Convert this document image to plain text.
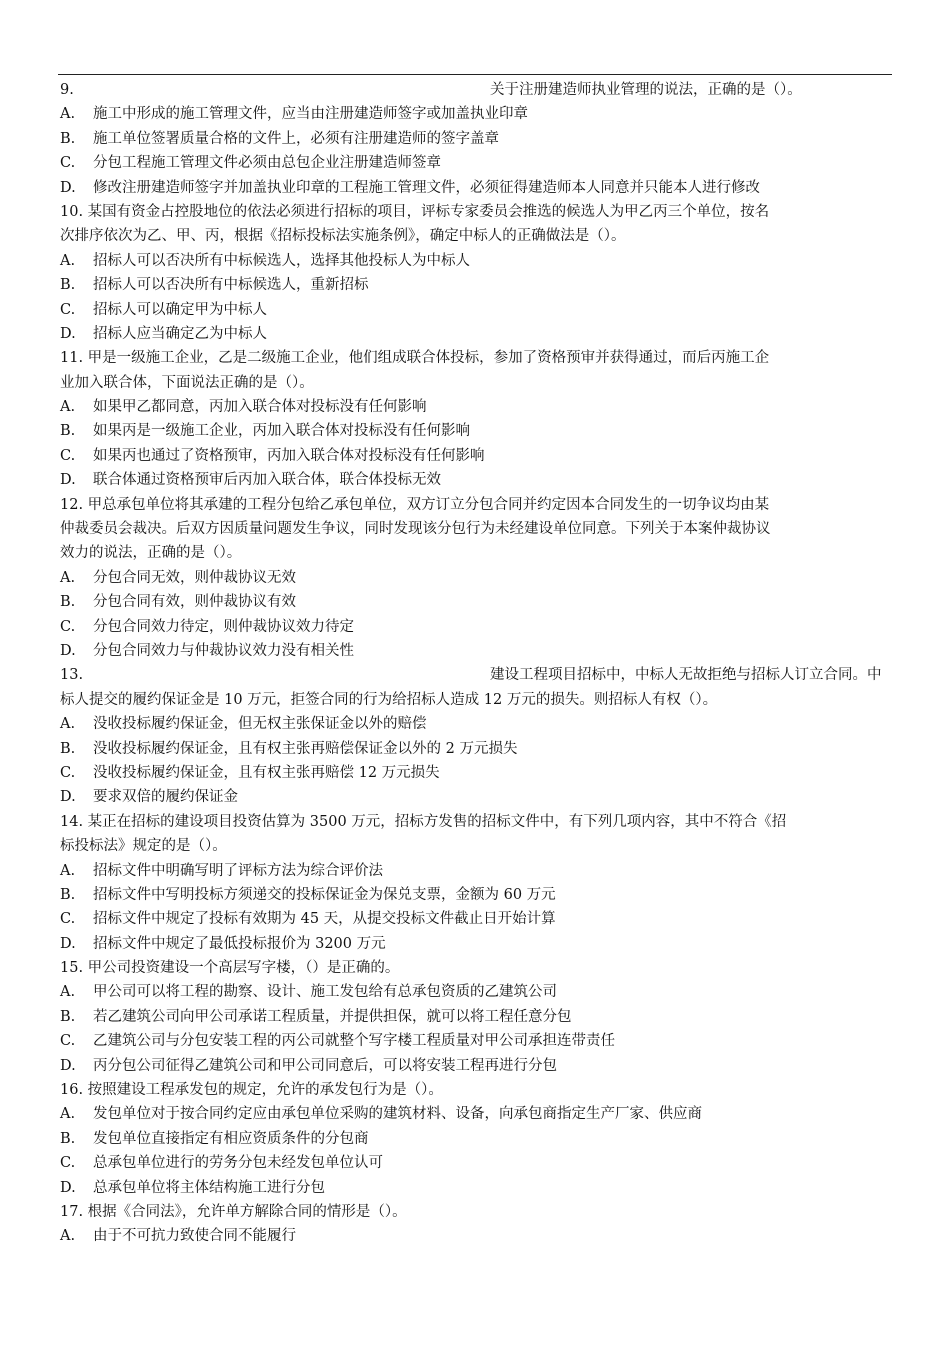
9.	关于注册建造师执业管理的说法，正确的是（）。
A.	施工中形成的施工管理文件，应当由注册建造师签字或加盖执业印章
B.	施工单位签署质量合格的文件上，必须有注册建造师的签字盖章
C.	分包工程施工管理文件必须由总包企业注册建造师签章
D.	修改注册建造师签字并加盖执业印章的工程施工管理文件，必须征得建造师本人同意并只能本人进行修改
10. 某国有资金占控股地位的依法必须进行招标的项目，评标专家委员会推选的候选人为甲乙丙三个单位，按名
次排序依次为乙、甲、丙，根据《招标投标法实施条例》，确定中标人的正确做法是（）。
A.	招标人可以否决所有中标候选人，选择其他投标人为中标人
B.	招标人可以否决所有中标候选人，重新招标
C.	招标人可以确定甲为中标人
D.	招标人应当确定乙为中标人
11. 甲是一级施工企业，乙是二级施工企业，他们组成联合体投标，参加了资格预审并获得通过，而后丙施工企
业加入联合体，下面说法正确的是（）。
A.	如果甲乙都同意，丙加入联合体对投标没有任何影响
B.	如果丙是一级施工企业，丙加入联合体对投标没有任何影响
C.	如果丙也通过了资格预审，丙加入联合体对投标没有任何影响
D.	联合体通过资格预审后丙加入联合体，联合体投标无效
12. 甲总承包单位将其承建的工程分包给乙承包单位，双方订立分包合同并约定因本合同发生的一切争议均由某
仲裁委员会裁决。后双方因质量问题发生争议，同时发现该分包行为未经建设单位同意。下列关于本案仲裁协议
效力的说法，正确的是（）。
A.	分包合同无效，则仲裁协议无效
B.	分包合同有效，则仲裁协议有效
C.	分包合同效力待定，则仲裁协议效力待定
D.	分包合同效力与仲裁协议效力没有相关性
13.	建设工程项目招标中，中标人无故拒绝与招标人订立合同。中
标人提交的履约保证金是 10 万元，拒签合同的行为给招标人造成 12 万元的损失。则招标人有权（）。
A.	没收投标履约保证金，但无权主张保证金以外的赔偿
B.	没收投标履约保证金，且有权主张再赔偿保证金以外的 2 万元损失
C.	没收投标履约保证金，且有权主张再赔偿 12 万元损失
D.	要求双倍的履约保证金
14. 某正在招标的建设项目投资估算为 3500 万元，招标方发售的招标文件中，有下列几项内容，其中不符合《招
标投标法》规定的是（）。
A.	招标文件中明确写明了评标方法为综合评价法
B.	招标文件中写明投标方须递交的投标保证金为保兑支票，金额为 60 万元
C.	招标文件中规定了投标有效期为 45 天，从提交投标文件截止日开始计算
D.	招标文件中规定了最低投标报价为 3200 万元
15. 甲公司投资建设一个高层写字楼，（）是正确的。
A.	甲公司可以将工程的勘察、设计、施工发包给有总承包资质的乙建筑公司
B.	若乙建筑公司向甲公司承诺工程质量，并提供担保，就可以将工程任意分包
C.	乙建筑公司与分包安装工程的丙公司就整个写字楼工程质量对甲公司承担连带责任
D.	丙分包公司征得乙建筑公司和甲公司同意后，可以将安装工程再进行分包
16. 按照建设工程承发包的规定，允许的承发包行为是（）。
A.	发包单位对于按合同约定应由承包单位采购的建筑材料、设备，向承包商指定生产厂家、供应商
B.	发包单位直接指定有相应资质条件的分包商
C.	总承包单位进行的劳务分包未经发包单位认可
D.	总承包单位将主体结构施工进行分包
17. 根据《合同法》，允许单方解除合同的情形是（）。
A.	由于不可抗力致使合同不能履行
